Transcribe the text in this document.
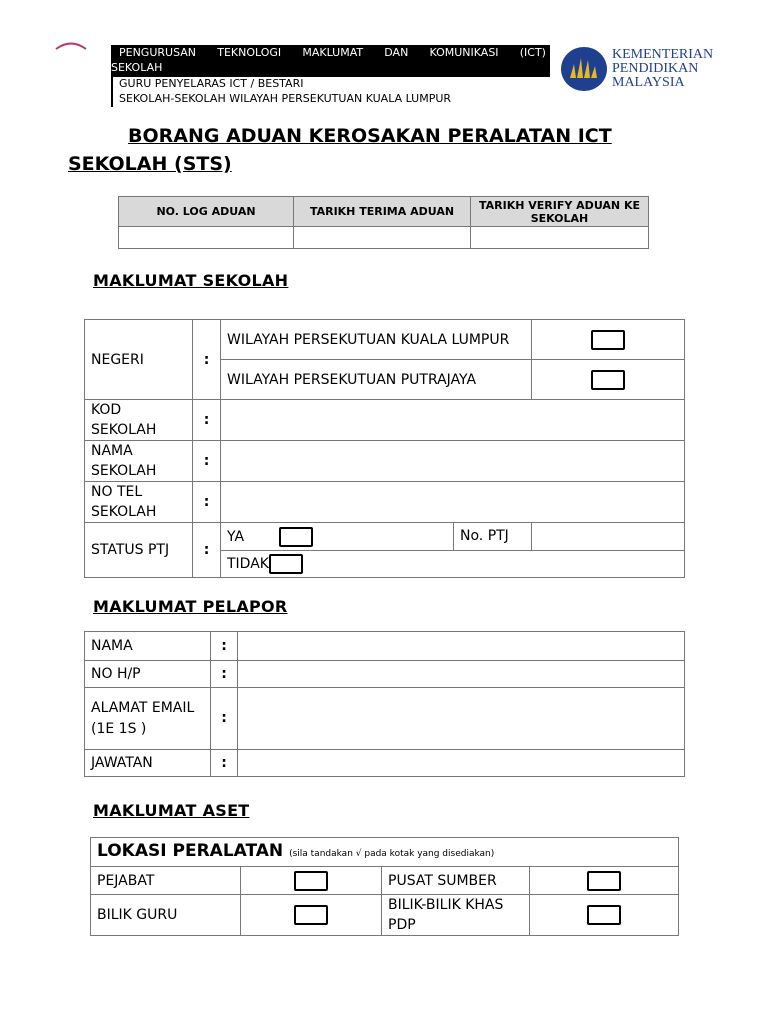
PENGURUSAN TEKNOLOGI MAKLUMAT DAN KOMUNIKASI (ICT)
SEKOLAH
GURU PENYELARAS ICT / BESTARI
SEKOLAH-SEKOLAH WILAYAH PERSEKUTUAN KUALA LUMPUR
KEMENTERIAN
PENDIDIKAN
MALAYSIA
BORANG ADUAN KEROSAKAN PERALATAN ICT
SEKOLAH (STS)
NO. LOG ADUAN	TARIKH TERIMA ADUAN	TARIKH VERIFY ADUAN KE SEKOLAH

MAKLUMAT SEKOLAH
NEGERI	:	WILAYAH PERSEKUTUAN KUALA LUMPUR	
		WILAYAH PERSEKUTUAN PUTRAJAYA	
KOD SEKOLAH	:		
NAMA SEKOLAH	:		
NO TEL SEKOLAH	:		
STATUS PTJ	:	YA No. PTJ	

		TIDAK	
MAKLUMAT PELAPOR
NAMA	:	
NO H/P	:	
ALAMAT EMAIL (1E 1S )	:	
JAWATAN	:	
MAKLUMAT ASET
LOKASI PERALATAN (sila tandakan √ pada kotak yang disediakan)			
PEJABAT		PUSAT SUMBER	
BILIK GURU		BILIK-BILIK KHAS PDP	
